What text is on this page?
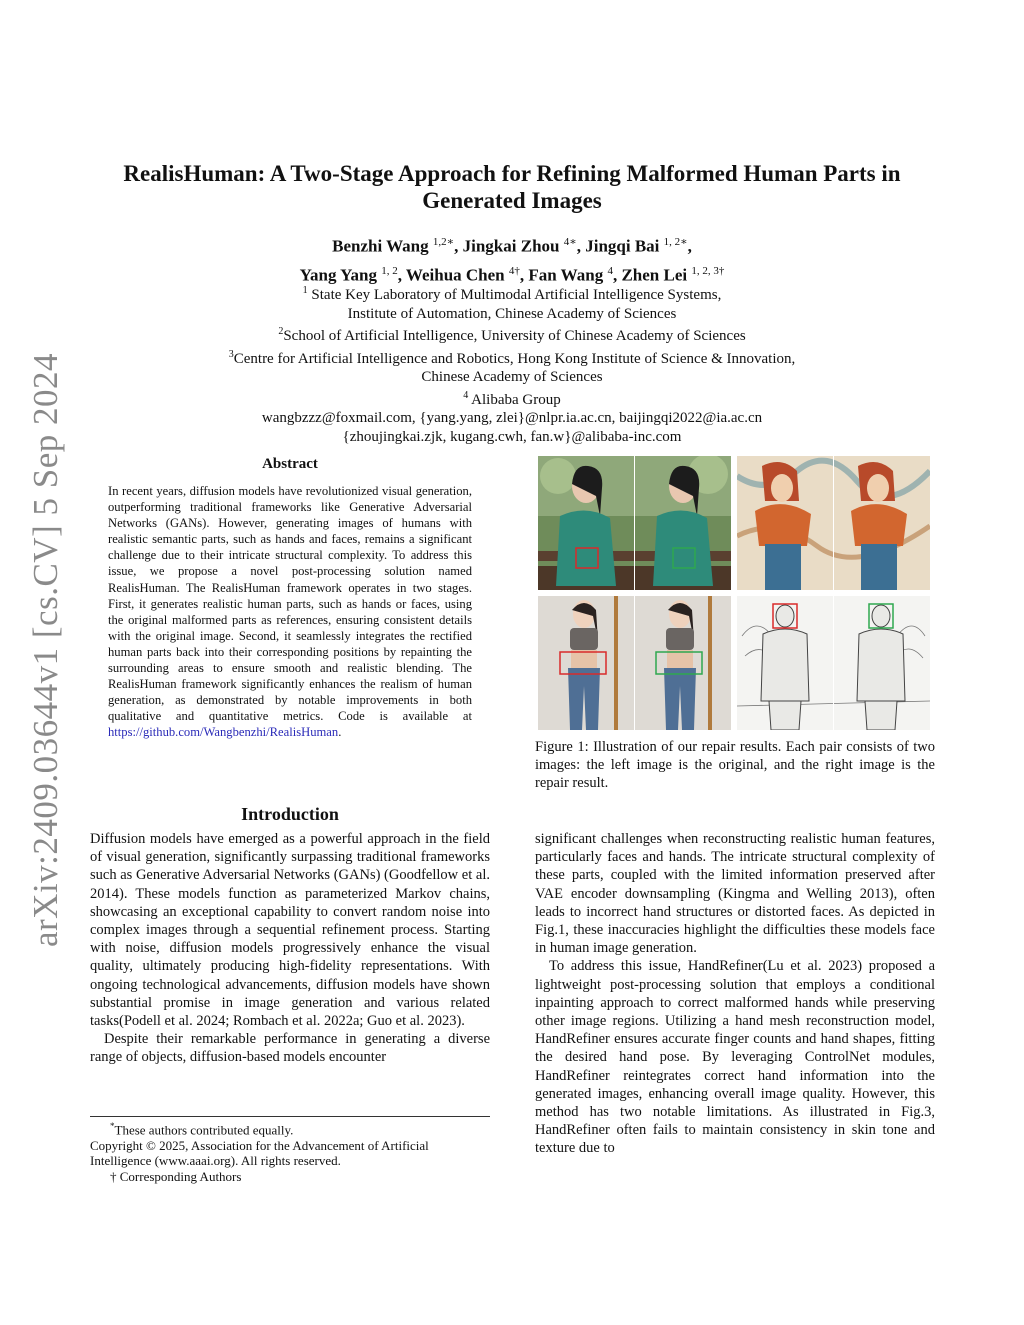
arXiv:2409.03644v1 [cs.CV] 5 Sep 2024
RealisHuman: A Two-Stage Approach for Refining Malformed Human Parts in
Generated Images
Benzhi Wang $^{1,2∗}$, Jingkai Zhou $^{4∗}$, Jingqi Bai $^{1, 2∗}$,
Yang Yang $^{1, 2}$, Weihua Chen $^{4\dagger}$, Fan Wang $^4$, Zhen Lei $^{1, 2, 3\dagger}$
$^1$ State Key Laboratory of Multimodal Artificial Intelligence Systems,
Institute of Automation, Chinese Academy of Sciences
$^2$School of Artificial Intelligence, University of Chinese Academy of Sciences
$^3$Centre for Artificial Intelligence and Robotics, Hong Kong Institute of Science & Innovation,
Chinese Academy of Sciences
$^4$ Alibaba Group
wangbzzz@foxmail.com, {yang.yang, zlei}@nlpr.ia.ac.cn, baijingqi2022@ia.ac.cn
{zhoujingkai.zjk, kugang.cwh, fan.w}@alibaba-inc.com
Abstract
In recent years, diffusion models have revolutionized visual generation, outperforming traditional frameworks like Generative Adversarial Networks (GANs). However, generating images of humans with realistic semantic parts, such as hands and faces, remains a significant challenge due to their intricate structural complexity. To address this issue, we propose a novel post-processing solution named RealisHuman. The RealisHuman framework operates in two stages. First, it generates realistic human parts, such as hands or faces, using the original malformed parts as references, ensuring consistent details with the original image. Second, it seamlessly integrates the rectified human parts back into their corresponding positions by repainting the surrounding areas to ensure smooth and realistic blending. The RealisHuman framework significantly enhances the realism of human generation, as demonstrated by notable improvements in both qualitative and quantitative metrics. Code is available at https://github.com/Wangbenzhi/RealisHuman.
Figure 1: Illustration of our repair results. Each pair consists of two images: the left image is the original, and the right image is the repair result.
Introduction

Diffusion models have emerged as a powerful approach in the field of visual generation, significantly surpassing traditional frameworks such as Generative Adversarial Networks (GANs) (Goodfellow et al. 2014). These models function as parameterized Markov chains, showcasing an exceptional capability to convert random noise into complex images through a sequential refinement process. Starting with noise, diffusion models progressively enhance the visual quality, ultimately producing high-fidelity representations. With ongoing technological advancements, diffusion models have shown substantial promise in image generation and various related tasks(Podell et al. 2024; Rombach et al. 2022a; Guo et al. 2023).

Despite their remarkable performance in generating a diverse range of objects, diffusion-based models encounter

significant challenges when reconstructing realistic human features, particularly faces and hands. The intricate structural complexity of these parts, coupled with the limited information preserved after VAE encoder downsampling (Kingma and Welling 2013), often leads to incorrect hand structures or distorted faces. As depicted in Fig.1, these inaccuracies highlight the difficulties these models face in human image generation.

To address this issue, HandRefiner(Lu et al. 2023) proposed a lightweight post-processing solution that employs a conditional inpainting approach to correct malformed hands while preserving other image regions. Utilizing a hand mesh reconstruction model, HandRefiner ensures accurate finger counts and hand shapes, fitting the desired hand pose. By leveraging ControlNet modules, HandRefiner reintegrates correct hand information into the generated images, enhancing overall image quality. However, this method has two notable limitations. As illustrated in Fig.3, HandRefiner often fails to maintain consistency in skin tone and texture due to

*These authors contributed equally.
Copyright © 2025, Association for the Advancement of Artificial Intelligence (www.aaai.org). All rights reserved.
† Corresponding Authors
